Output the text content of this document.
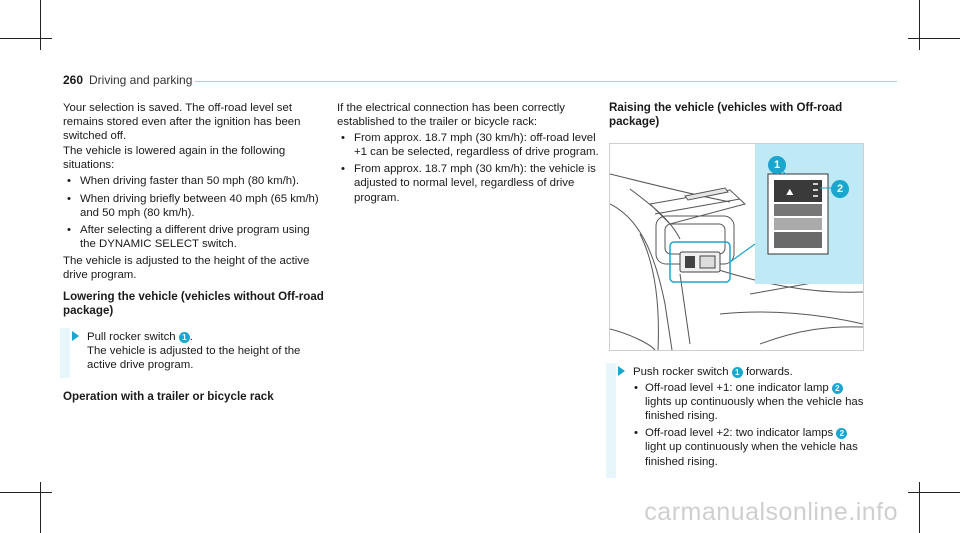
260 Driving and parking

Your selection is saved. The off-road level set remains stored even after the ignition has been switched off.

The vehicle is lowered again in the following situations:

• When driving faster than 50 mph (80 km/h).
• When driving briefly between 40 mph (65 km/h) and 50 mph (80 km/h).
• After selecting a different drive program using the DYNAMIC SELECT switch.

The vehicle is adjusted to the height of the active drive program.

Lowering the vehicle (vehicles without Off-road package)
Pull rocker switch 1 .
The vehicle is adjusted to the height of the active drive program.
Operation with a trailer or bicycle rack

If the electrical connection has been correctly established to the trailer or bicycle rack:

• From approx. 18.7 mph (30 km/h): off-road level +1 can be selected, regardless of drive program.
• From approx. 18.7 mph (30 km/h): the vehicle is adjusted to normal level, regardless of drive program.
Raising the vehicle (vehicles with Off-road package)
⛰
1
2
Push rocker switch 1 forwards.
• Off-road level +1: one indicator lamp 2 lights up continuously when the vehicle has finished rising.
• Off-road level +2: two indicator lamps 2 light up continuously when the vehicle has finished rising.
carmanualsonline.info
